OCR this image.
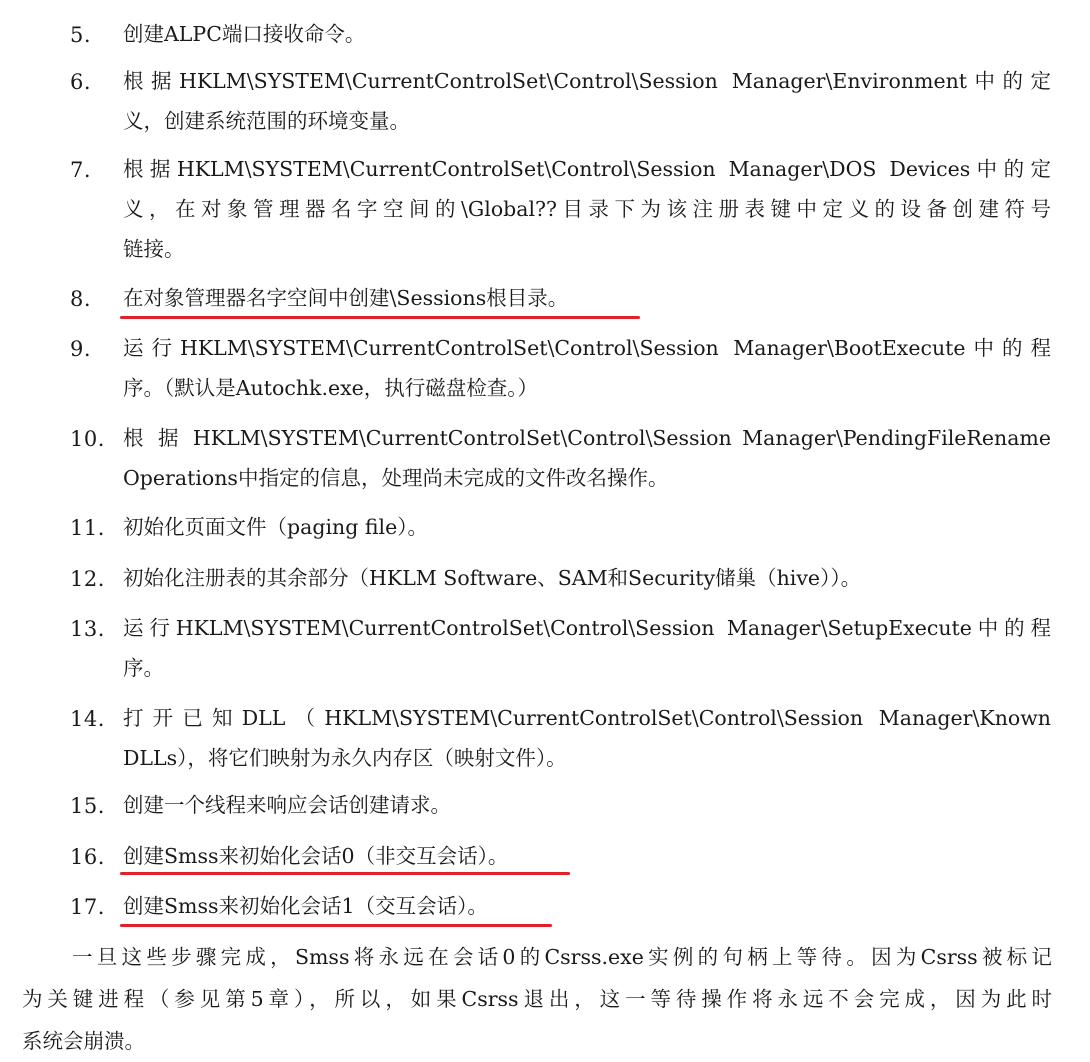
5.	创建ALPC端口接收命令。
6.	根据HKLM\SYSTEM\CurrentControlSet\Control\Session Manager\Environment中的定
义，创建系统范围的环境变量。
7.	根据HKLM\SYSTEM\CurrentControlSet\Control\Session Manager\DOS Devices中的定
义，在对象管理器名字空间的\Global??目录下为该注册表键中定义的设备创建符号
链接。
8.	在对象管理器名字空间中创建\Sessions根目录。
9.	运行HKLM\SYSTEM\CurrentControlSet\Control\Session Manager\BootExecute中的程
序。（默认是Autochk.exe，执行磁盘检查。）
10. 根 据 HKLM\SYSTEM\CurrentControlSet\Control\Session Manager\PendingFileRename
Operations中指定的信息，处理尚未完成的文件改名操作。
11. 初始化页面文件（paging file）。
12. 初始化注册表的其余部分（HKLM Software、SAM和Security储巢（hive））。
13. 运行HKLM\SYSTEM\CurrentControlSet\Control\Session Manager\SetupExecute中的程
序。
14. 打开已知DLL（HKLM\SYSTEM\CurrentControlSet\Control\Session Manager\Known
DLLs），将它们映射为永久内存区（映射文件）。
15. 创建一个线程来响应会话创建请求。
16. 创建Smss来初始化会话0（非交互会话）。
17. 创建Smss来初始化会话1（交互会话）。
一旦这些步骤完成，Smss将永远在会话0的Csrss.exe实例的句柄上等待。因为Csrss被标记
为关键进程（参见第5章），所以，如果Csrss退出，这一等待操作将永远不会完成，因为此时
系统会崩溃。
